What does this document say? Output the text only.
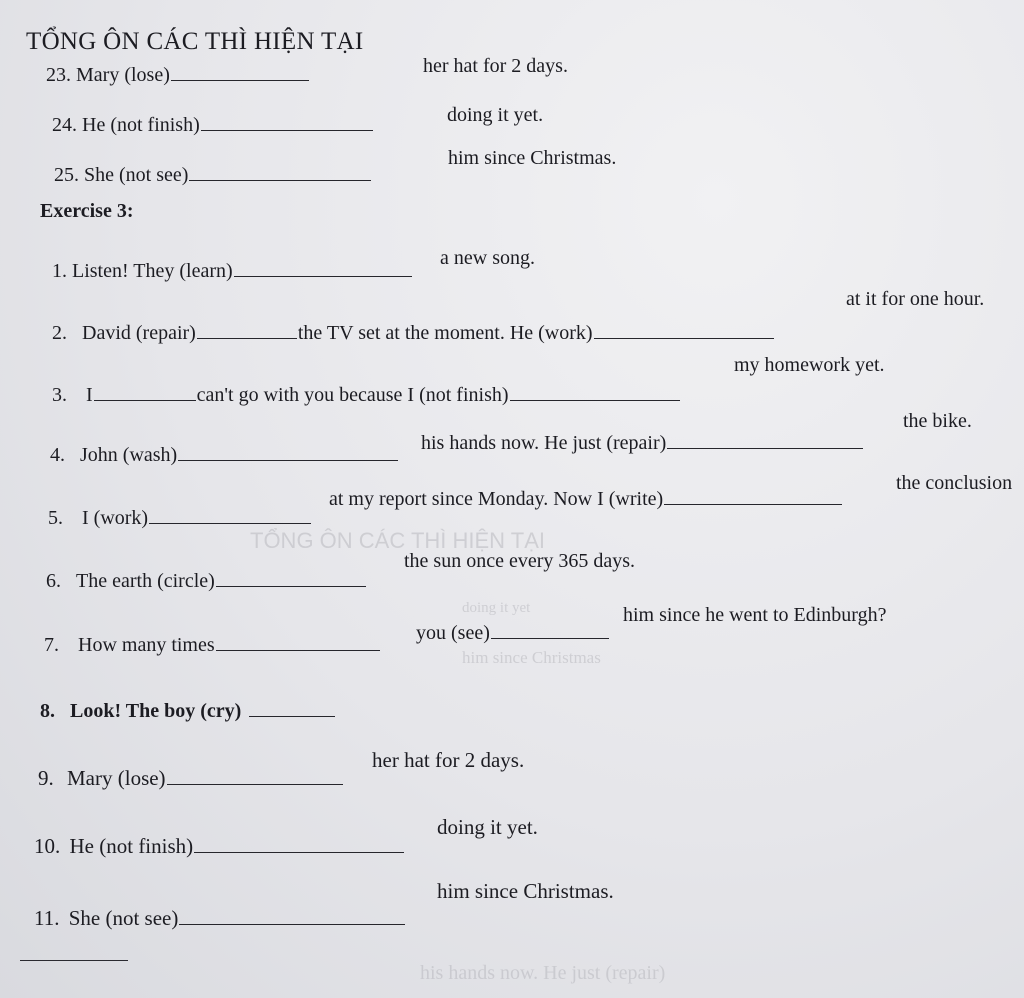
TỔNG ÔN CÁC THÌ HIỆN TẠI
TỔNG ÔN CÁC THÌ HIỆN TẠI
doing it yet
him since Christmas
his hands now. He just (repair)
23. Mary (lose)	her hat for 2 days.
24. He (not finish)	doing it yet.
25. She (not see)
him since Christmas.
Exercise 3:
1. Listen! They (learn)
a new song.
2. David (repair)	the TV set at the moment. He (work)
at it for one hour.
3. I	can't go with you because I (not finish)
my homework yet.
4. John (wash)
his hands now. He just (repair)
the bike.
5. I (work)
at my report since Monday. Now I (write)
the conclusion
6. The earth (circle)
the sun once every 365 days.
7. How many times
you (see)
him since he went to Edinburgh?
8. Look! The boy (cry)
9. Mary (lose)
her hat for 2 days.
10. He (not finish)
doing it yet.
11. She (not see)
him since Christmas.
